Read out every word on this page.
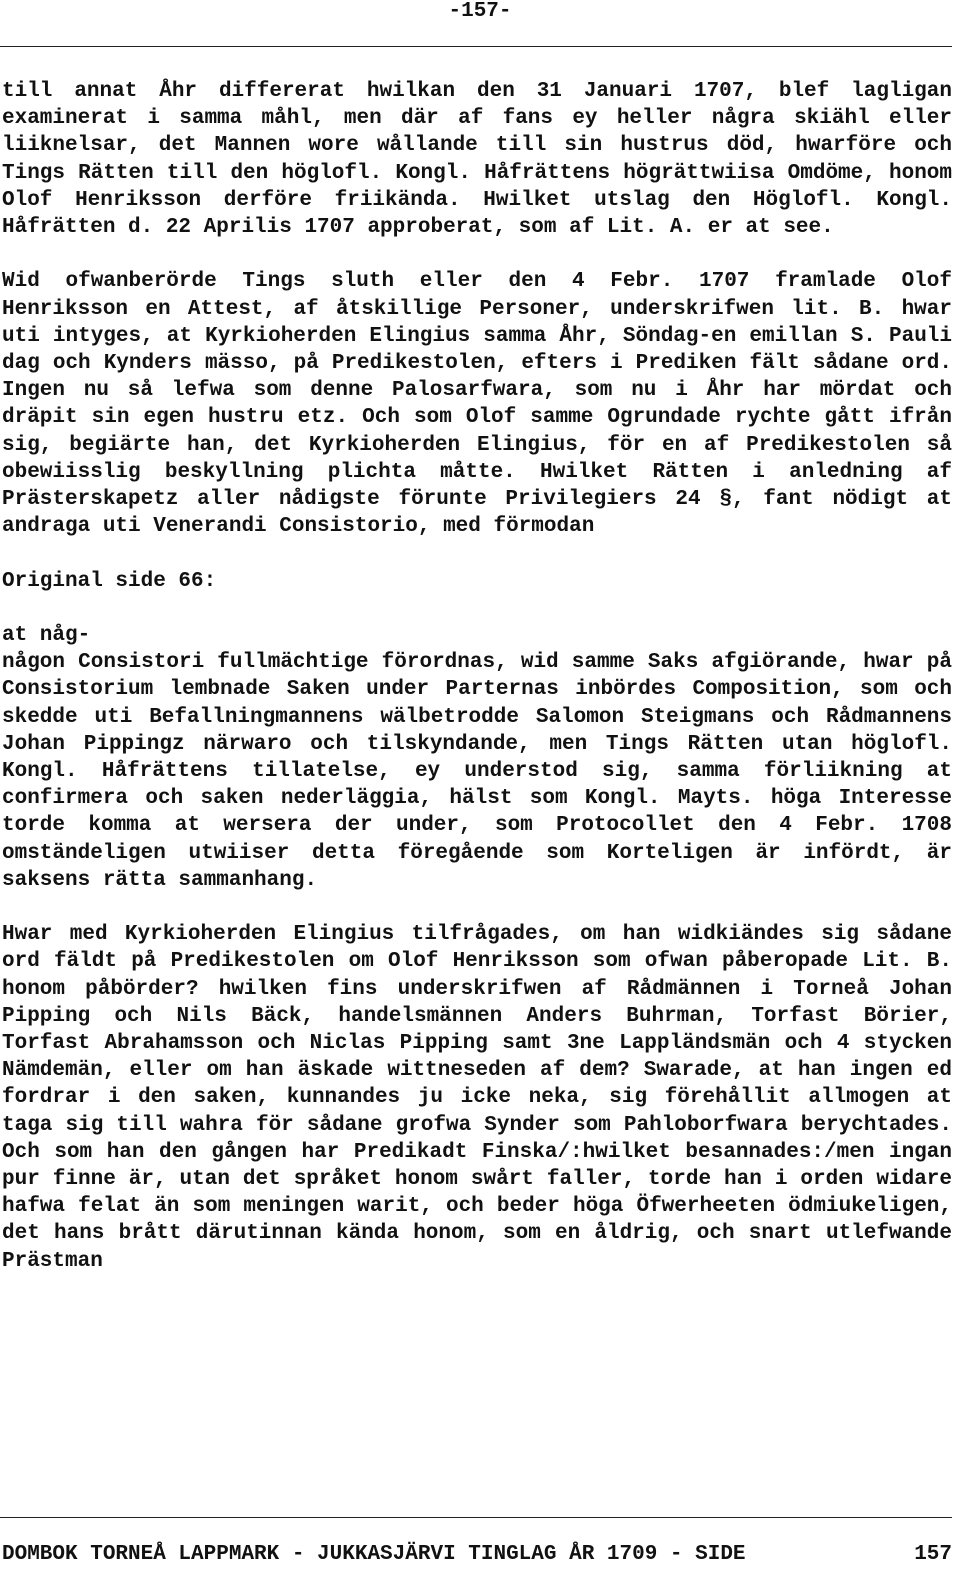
-157-

till annat Åhr differerat hwilkan den 31 Januari 1707, blef lagligan examinerat i samma måhl, men där af fans ey heller några skiähl eller liiknelsar, det Mannen wore wållande till sin hustrus död, hwarföre och Tings Rätten till den höglofl. Kongl. Håfrättens högrättwiisa Omdöme, honom Olof Henriksson derföre friikända. Hwilket utslag den Höglofl. Kongl. Håfrätten d. 22 Aprilis 1707 approberat, som af Lit. A. er at see.

Wid ofwanberörde Tings sluth eller den 4 Febr. 1707 framlade Olof Henriksson en Attest, af åtskillige Personer, underskrifwen lit. B. hwar uti intyges, at Kyrkioherden Elingius samma Åhr, Söndag-en emillan S. Pauli dag och Kynders mässo, på Predikestolen, efters i Prediken fält sådane ord. Ingen nu så lefwa som denne Palosarfwara, som nu i Åhr har mördat och dräpit sin egen hustru etz. Och som Olof samme Ogrundade rychte gått ifrån sig, begiärte han, det Kyrkioherden Elingius, för en af Predikestolen så obewiisslig beskyllning plichta måtte. Hwilket Rätten i anledning af Prästerskapetz aller nådigste förunte Privilegiers 24 §, fant nödigt at andraga uti Venerandi Consistorio, med förmodan

Original side 66:

at någ-

någon Consistori fullmächtige förordnas, wid samme Saks afgiörande, hwar på Consistorium lembnade Saken under Parternas inbördes Composition, som och skedde uti Befallningmannens wälbetrodde Salomon Steigmans och Rådmannens Johan Pippingz närwaro och tilskyndande, men Tings Rätten utan höglofl. Kongl. Håfrättens tillatelse, ey understod sig, samma förliikning at confirmera och saken nederläggia, hälst som Kongl. Mayts. höga Interesse torde komma at wersera der under, som Protocollet den 4 Febr. 1708 omständeligen utwiiser detta föregående som Korteligen är infördt, är saksens rätta sammanhang.

Hwar med Kyrkioherden Elingius tilfrågades, om han widkiändes sig sådane ord fäldt på Predikestolen om Olof Henriksson som ofwan påberopade Lit. B. honom påbörder? hwilken fins underskrifwen af Rådmännen i Torneå Johan Pipping och Nils Bäck, handelsmännen Anders Buhrman, Torfast Börier, Torfast Abrahamsson och Niclas Pipping samt 3ne Lappländsmän och 4 stycken Nämdemän, eller om han äskade wittneseden af dem? Swarade, at han ingen ed fordrar i den saken, kunnandes ju icke neka, sig förehållit allmogen at taga sig till wahra för sådane grofwa Synder som Pahloborfwara berychtades. Och som han den gången har Predikadt Finska/:hwilket besannades:/men ingan pur finne är, utan det språket honom swårt faller, torde han i orden widare hafwa felat än som meningen warit, och beder höga Öfwerheeten ödmiukeligen, det hans brått därutinnan kända honom, som en åldrig, och snart utlefwande Prästman

DOMBOK TORNEÅ LAPPMARK - JUKKASJÄRVI TINGLAG ÅR 1709 - SIDE	157
